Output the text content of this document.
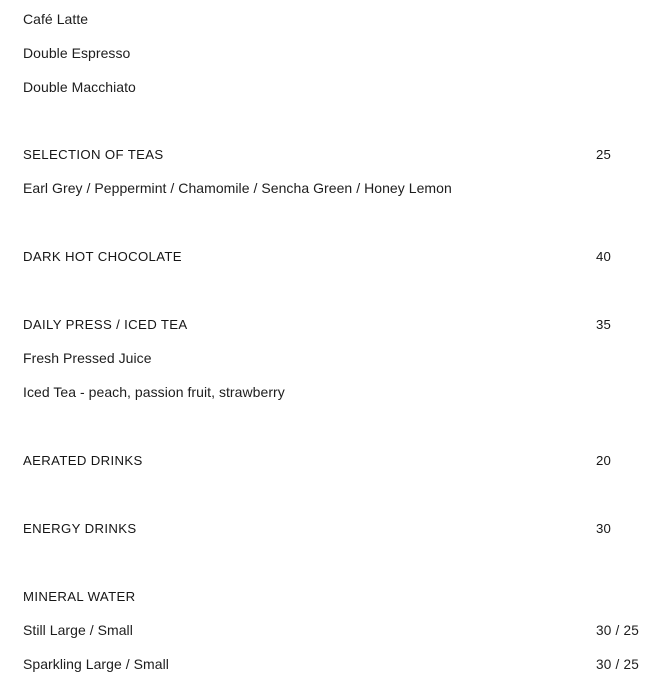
Café Latte
Double Espresso
Double Macchiato
SELECTION OF TEAS	25
Earl Grey / Peppermint / Chamomile / Sencha Green / Honey Lemon
DARK HOT CHOCOLATE	40
DAILY PRESS / ICED TEA	35
Fresh Pressed Juice
Iced Tea - peach, passion fruit, strawberry
AERATED DRINKS	20
ENERGY DRINKS	30
MINERAL WATER
Still Large / Small	30 / 25
Sparkling Large / Small	30 / 25
